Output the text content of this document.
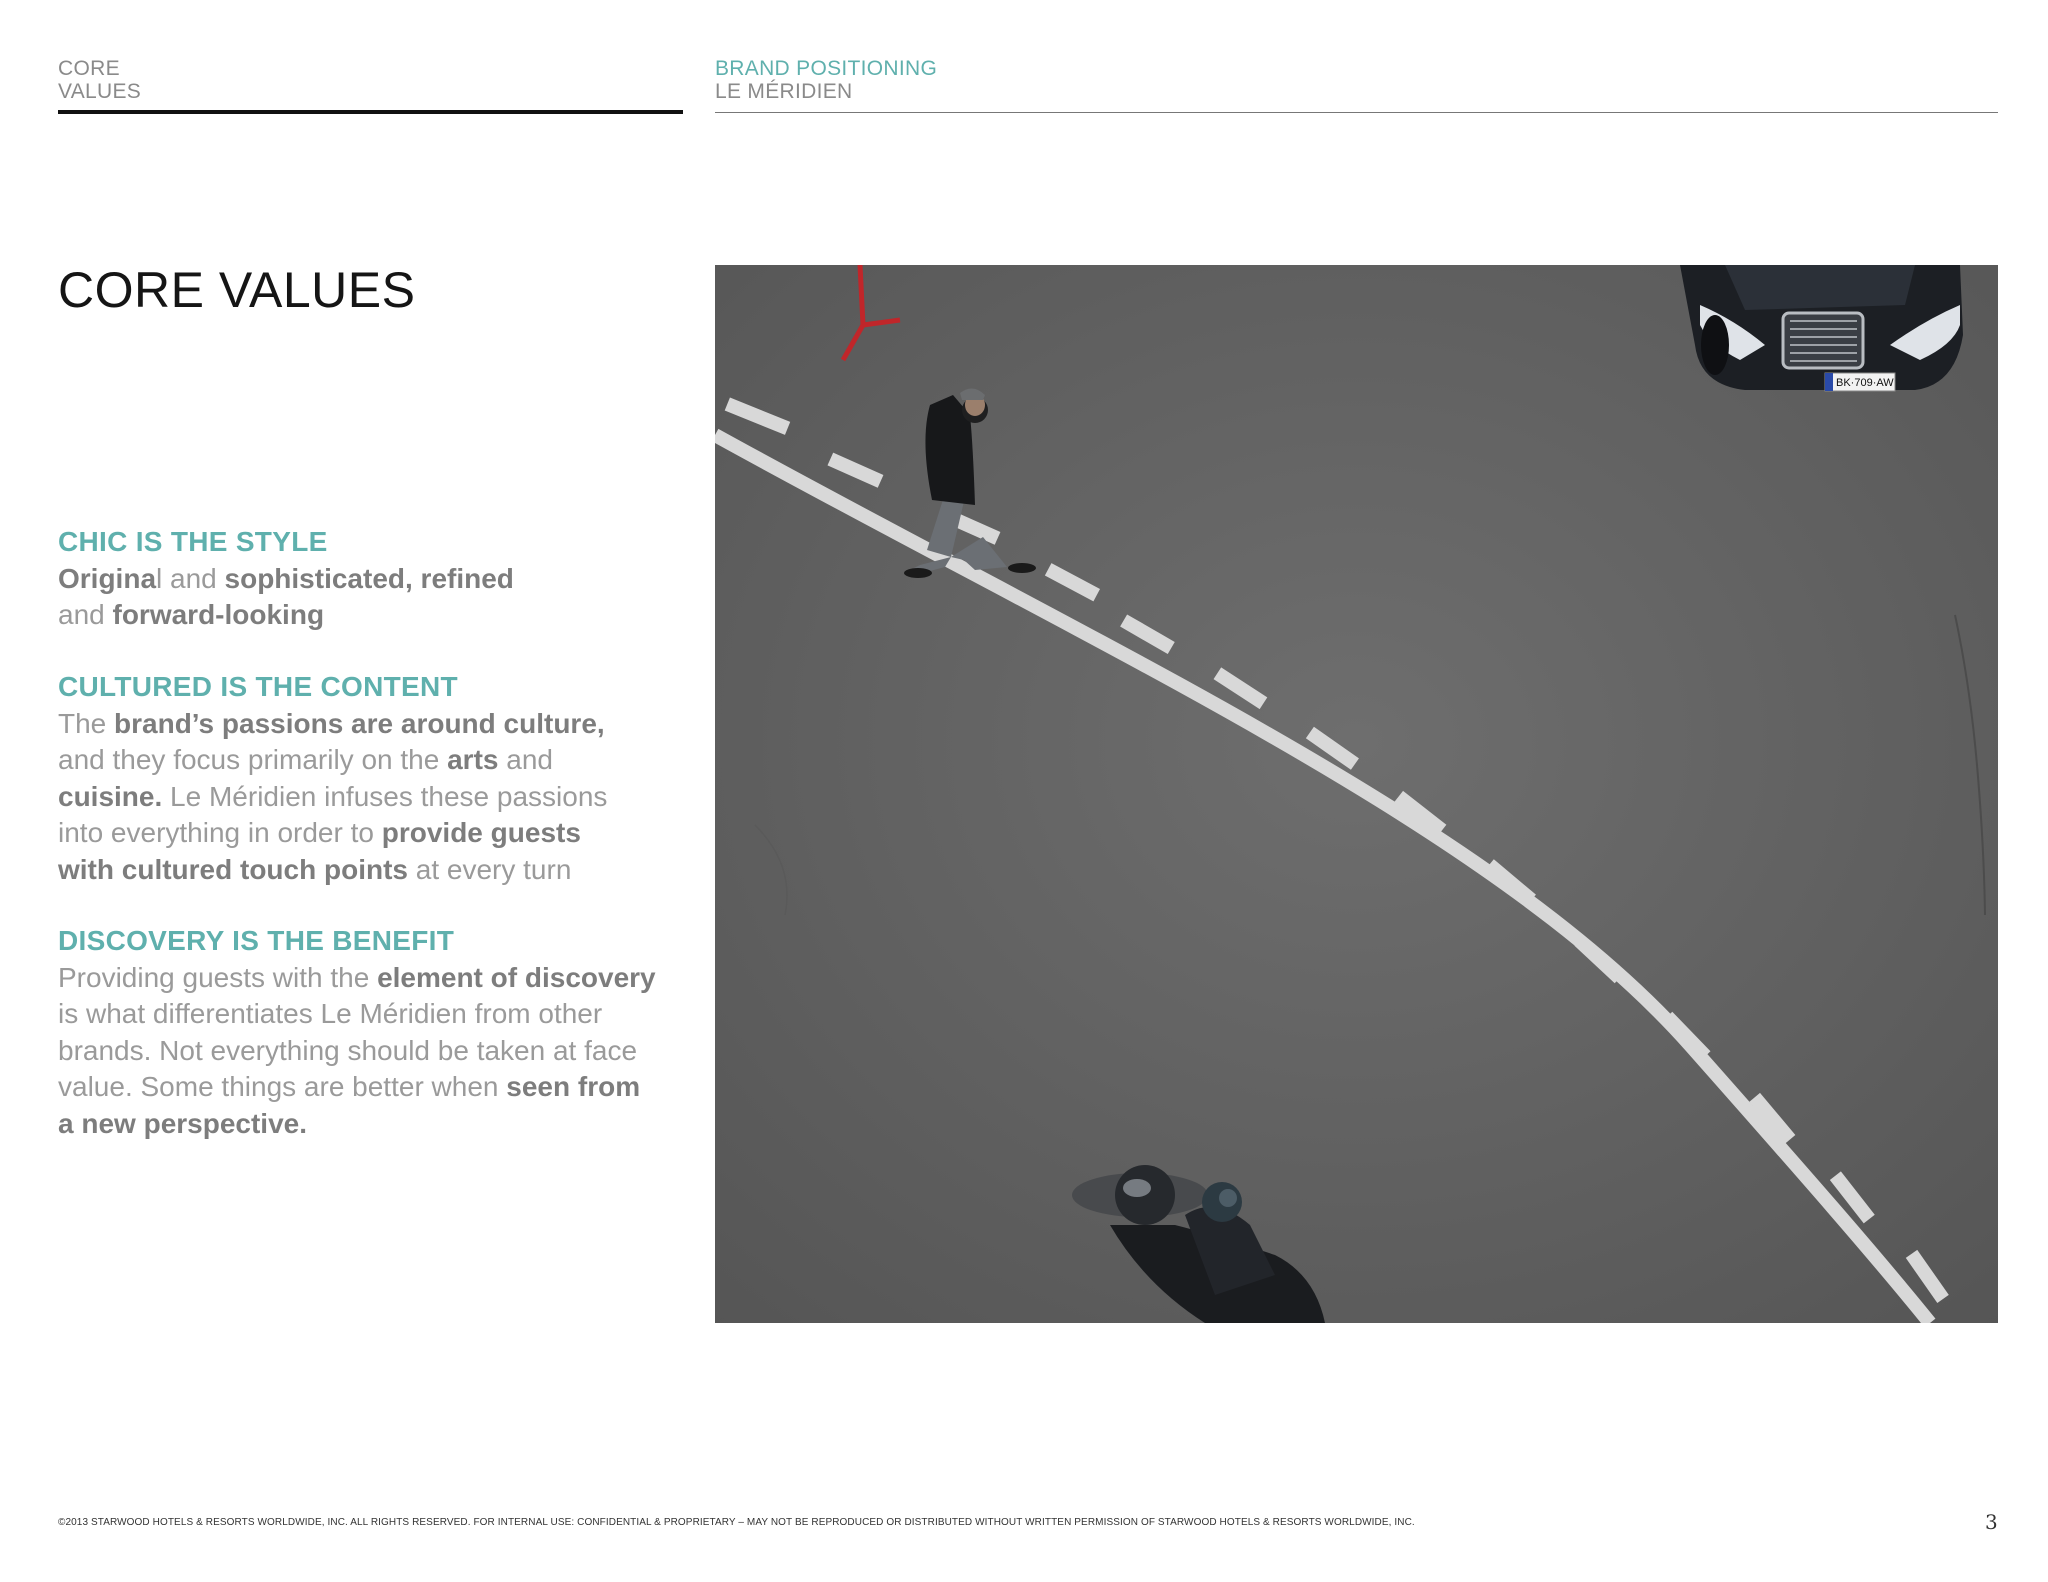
CORE
VALUES
BRAND POSITIONING
LE MÉRIDIEN
CORE VALUES
CHIC IS THE STYLE

Original and sophisticated, refined
and forward-looking

CULTURED IS THE CONTENT

The brand’s passions are around culture,
and they focus primarily on the arts and
cuisine. Le Méridien infuses these passions
into everything in order to provide guests
with cultured touch points at every turn

DISCOVERY IS THE BENEFIT

Providing guests with the element of discovery
is what differentiates Le Méridien from other
brands. Not everything should be taken at face
value. Some things are better when seen from
a new perspective.

BK·709·AW
©2013 STARWOOD HOTELS & RESORTS WORLDWIDE, INC. ALL RIGHTS RESERVED. FOR INTERNAL USE: CONFIDENTIAL & PROPRIETARY – MAY NOT BE REPRODUCED OR DISTRIBUTED WITHOUT WRITTEN PERMISSION OF STARWOOD HOTELS & RESORTS WORLDWIDE, INC.	3
